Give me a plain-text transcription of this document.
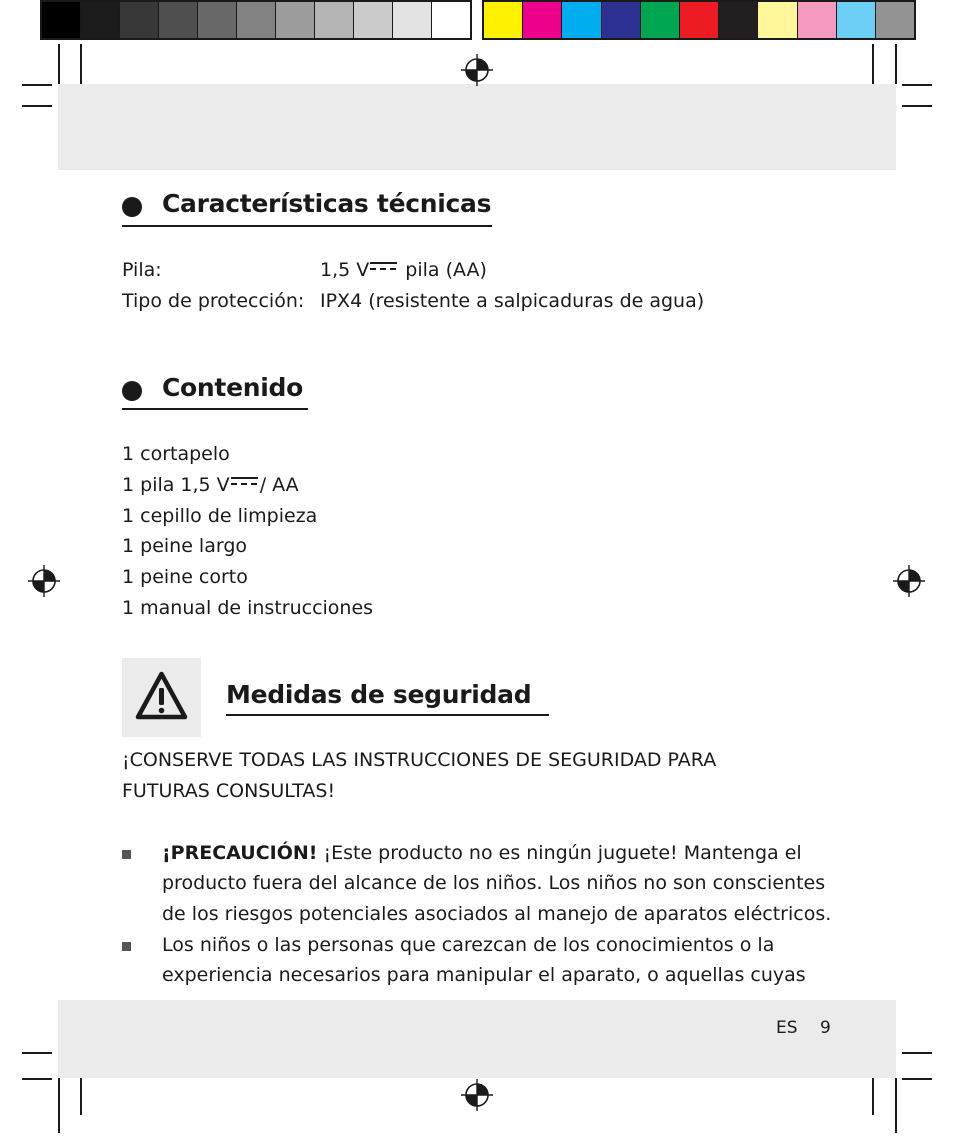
Características técnicas
Pila:	1,5 V pila (AA)
Tipo de protección: IPX4 (resistente a salpicaduras de agua)
Contenido
1 cortapelo
1 pila 1,5 V / AA
1 cepillo de limpieza
1 peine largo
1 peine corto
1 manual de instrucciones
Medidas de seguridad
¡CONSERVE TODAS LAS INSTRUCCIONES DE SEGURIDAD PARA
FUTURAS CONSULTAS!
¡PRECAUCIÓN! ¡Este producto no es ningún juguete! Mantenga el
producto fuera del alcance de los niños. Los niños no son conscientes
de los riesgos potenciales asociados al manejo de aparatos eléctricos.
Los niños o las personas que carezcan de los conocimientos o la
experiencia necesarios para manipular el aparato, o aquellas cuyas
ES 9
